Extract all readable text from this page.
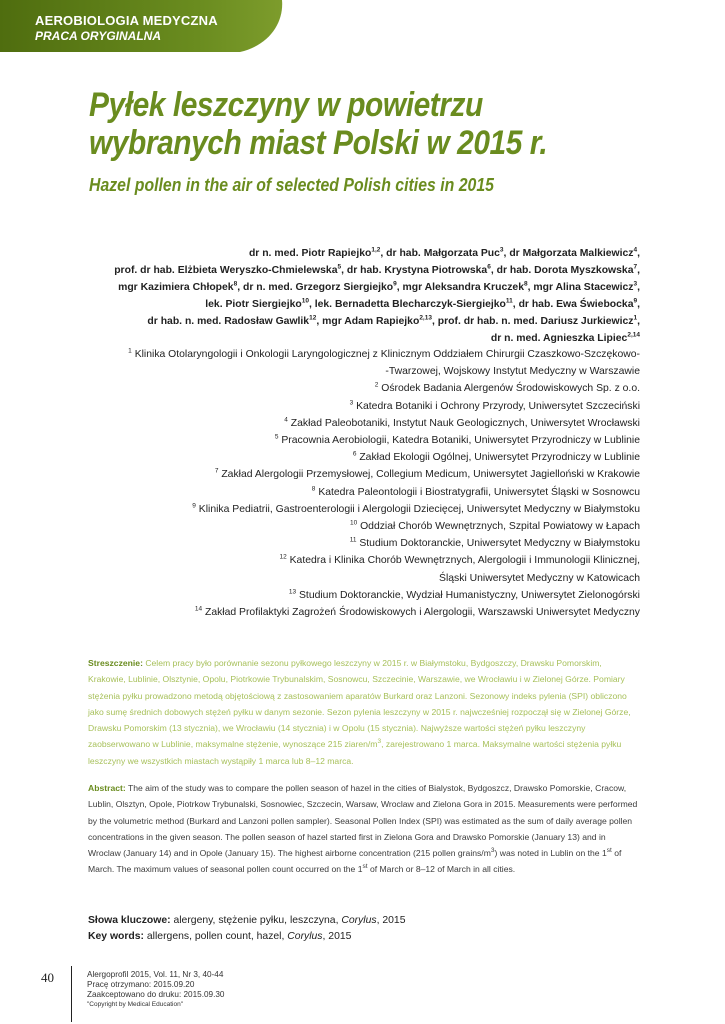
AEROBIOLOGIA MEDYCZNA
PRACA ORYGINALNA
Pyłek leszczyny w powietrzu
wybranych miast Polski w 2015 r.
Hazel pollen in the air of selected Polish cities in 2015
dr n. med. Piotr Rapiejko$^{1,2}$, dr hab. Małgorzata Puc$^3$, dr Małgorzata Malkiewicz$^4$,
prof. dr hab. Elżbieta Weryszko-Chmielewska$^5$, dr hab. Krystyna Piotrowska$^6$, dr hab. Dorota Myszkowska$^7$,
mgr Kazimiera Chłopek$^8$, dr n. med. Grzegorz Siergiejko$^9$, mgr Aleksandra Kruczek$^8$, mgr Alina Stacewicz$^3$,
lek. Piotr Siergiejko$^{10}$, lek. Bernadetta Blecharczyk-Siergiejko$^{11}$, dr hab. Ewa Świebocka$^9$,
dr hab. n. med. Radosław Gawlik$^{12}$, mgr Adam Rapiejko$^{2,13}$, prof. dr hab. n. med. Dariusz Jurkiewicz$^1$,
dr n. med. Agnieszka Lipiec$^{2,14}$
$^1$ Klinika Otolaryngologii i Onkologii Laryngologicznej z Klinicznym Oddziałem Chirurgii Czaszkowo-Szczękowo-
-Twarzowej, Wojskowy Instytut Medyczny w Warszawie
$^2$ Ośrodek Badania Alergenów Środowiskowych Sp. z o.o.
$^3$ Katedra Botaniki i Ochrony Przyrody, Uniwersytet Szczeciński
$^4$ Zakład Paleobotaniki, Instytut Nauk Geologicznych, Uniwersytet Wrocławski
$^5$ Pracownia Aerobiologii, Katedra Botaniki, Uniwersytet Przyrodniczy w Lublinie
$^6$ Zakład Ekologii Ogólnej, Uniwersytet Przyrodniczy w Lublinie
$^7$ Zakład Alergologii Przemysłowej, Collegium Medicum, Uniwersytet Jagielloński w Krakowie
$^8$ Katedra Paleontologii i Biostratygrafii, Uniwersytet Śląski w Sosnowcu
$^9$ Klinika Pediatrii, Gastroenterologii i Alergologii Dziecięcej, Uniwersytet Medyczny w Białymstoku
$^{10}$ Oddział Chorób Wewnętrznych, Szpital Powiatowy w Łapach
$^{11}$ Studium Doktoranckie, Uniwersytet Medyczny w Białymstoku
$^{12}$ Katedra i Klinika Chorób Wewnętrznych, Alergologii i Immunologii Klinicznej,
Śląski Uniwersytet Medyczny w Katowicach
$^{13}$ Studium Doktoranckie, Wydział Humanistyczny, Uniwersytet Zielonogórski
$^{14}$ Zakład Profilaktyki Zagrożeń Środowiskowych i Alergologii, Warszawski Uniwersytet Medyczny
Streszczenie: Celem pracy było porównanie sezonu pyłkowego leszczyny w 2015 r. w Białymstoku, Bydgoszczy, Drawsku Pomorskim, Krakowie, Lublinie, Olsztynie, Opolu, Piotrkowie Trybunalskim, Sosnowcu, Szczecinie, Warszawie, we Wrocławiu i w Zielonej Górze. Pomiary stężenia pyłku prowadzono metodą objętościową z zastosowaniem aparatów Burkard oraz Lanzoni. Sezonowy indeks pylenia (SPI) obliczono jako sumę średnich dobowych stężeń pyłku w danym sezonie. Sezon pylenia leszczyny w 2015 r. najwcześniej rozpoczął się w Zielonej Górze, Drawsku Pomorskim (13 stycznia), we Wrocławiu (14 stycznia) i w Opolu (15 stycznia). Najwyższe wartości stężeń pyłku leszczyny zaobserwowano w Lublinie, maksymalne stężenie, wynoszące 215 ziaren/$m^3$, zarejestrowano 1 marca. Maksymalne wartości stężenia pyłku leszczyny we wszystkich miastach wystąpiły 1 marca lub 8–12 marca.
Abstract: The aim of the study was to compare the pollen season of hazel in the cities of Bialystok, Bydgoszcz, Drawsko Pomorskie, Cracow, Lublin, Olsztyn, Opole, Piotrkow Trybunalski, Sosnowiec, Szczecin, Warsaw, Wroclaw and Zielona Gora in 2015. Measurements were performed by the volumetric method (Burkard and Lanzoni pollen sampler). Seasonal Pollen Index (SPI) was estimated as the sum of daily average pollen concentrations in the given season. The pollen season of hazel started first in Zielona Gora and Drawsko Pomorskie (January 13) and in Wroclaw (January 14) and in Opole (January 15). The highest airborne concentration (215 pollen grains/$m^3$) was noted in Lublin on the 1st of March. The maximum values of seasonal pollen count occurred on the 1st of March or 8–12 of March in all cities.
Słowa kluczowe: alergeny, stężenie pyłku, leszczyna, Corylus, 2015
Key words: allergens, pollen count, hazel, Corylus, 2015
40	Alergoprofil 2015, Vol. 11, Nr 3, 40-44
Pracę otrzymano: 2015.09.20
Zaakceptowano do druku: 2015.09.30
"Copyright by Medical Education"
